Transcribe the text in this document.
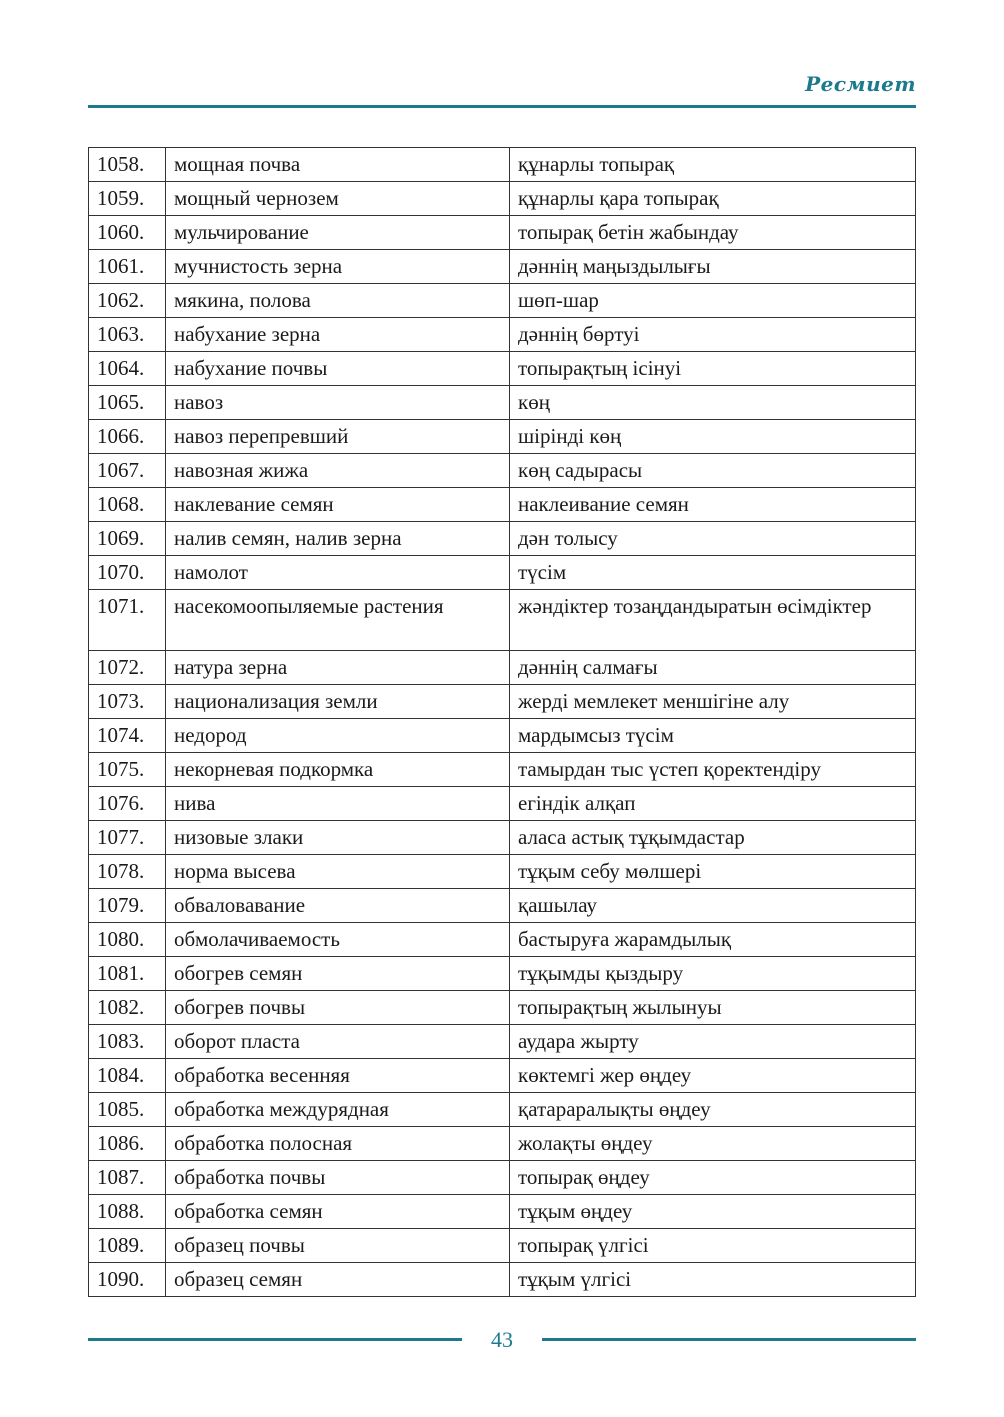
Ресмиет
1058.	мощная почва	құнарлы топырақ
1059.	мощный чернозем	құнарлы қара топырақ
1060.	мульчирование	топырақ бетін жабындау
1061.	мучнистость зерна	дәннің маңыздылығы
1062.	мякина, полова	шөп-шар
1063.	набухание зерна	дәннің бөртуі
1064.	набухание почвы	топырақтың ісінуі
1065.	навоз	көң
1066.	навоз перепревший	шірінді көң
1067.	навозная жижа	көң садырасы
1068.	наклевание семян	наклеивание семян
1069.	налив семян, налив зерна	дән толысу
1070.	намолот	түсім
1071.	насекомоопыляемые растения	жәндіктер тозаңдандыратын өсімдіктер
1072.	натура зерна	дәннің салмағы
1073.	национализация земли	жерді мемлекет меншігіне алу
1074.	недород	мардымсыз түсім
1075.	некорневая подкормка	тамырдан тыс үстеп қоректендіру
1076.	нива	егіндік алқап
1077.	низовые злаки	аласа астық тұқымдастар
1078.	норма высева	тұқым себу мөлшері
1079.	обваловавание	қашылау
1080.	обмолачиваемость	бастыруға жарамдылық
1081.	обогрев семян	тұқымды қыздыру
1082.	обогрев почвы	топырақтың жылынуы
1083.	оборот пласта	аудара жырту
1084.	обработка весенняя	көктемгі жер өңдеу
1085.	обработка междурядная	қатараралықты өңдеу
1086.	обработка полосная	жолақты өңдеу
1087.	обработка почвы	топырақ өңдеу
1088.	обработка семян	тұқым өңдеу
1089.	образец почвы	топырақ үлгісі
1090.	образец семян	тұқым үлгісі
43
